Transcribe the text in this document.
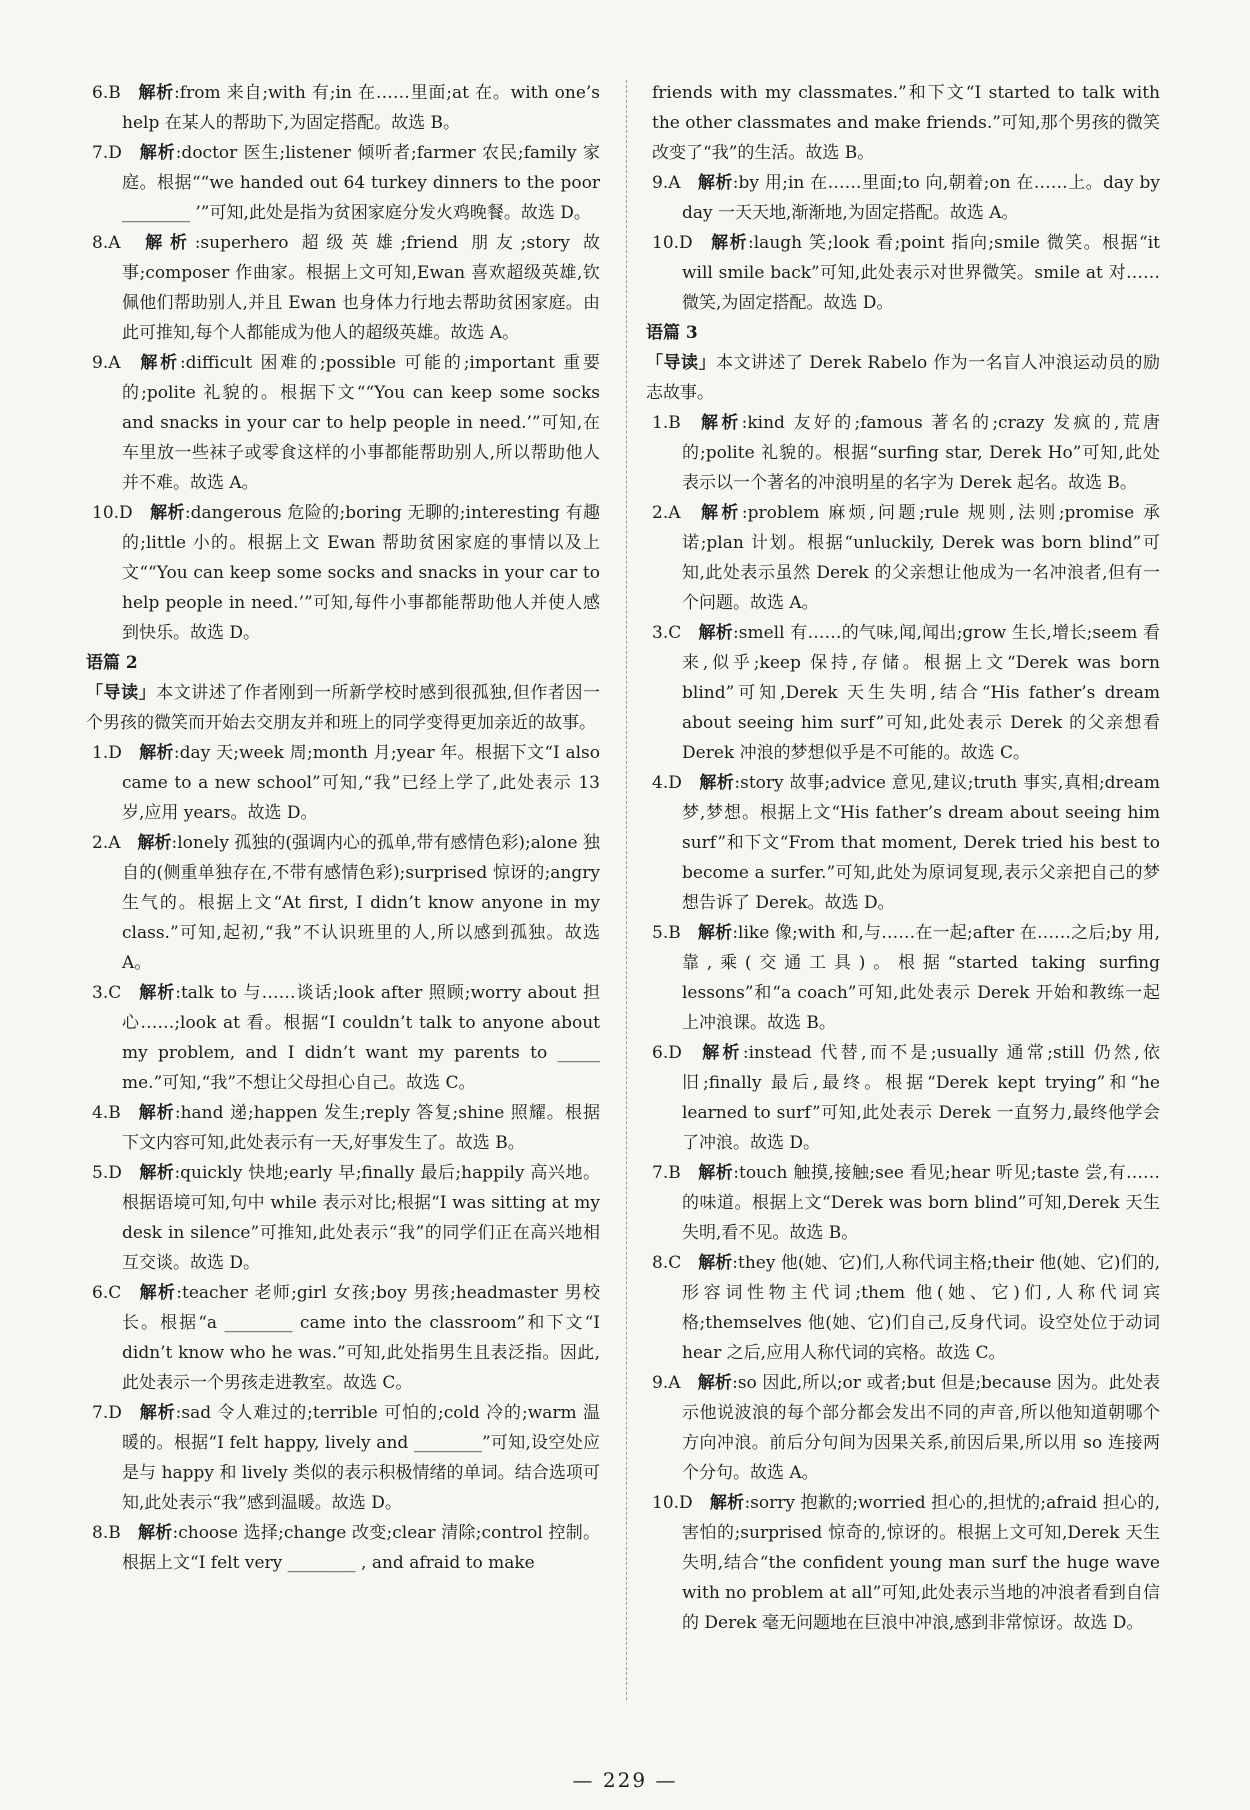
6.B  解析:from 来自;with 有;in 在……里面;at 在。with one’s help 在某人的帮助下,为固定搭配。故选 B。
7.D  解析:doctor 医生;listener 倾听者;farmer 农民;family 家庭。根据““we handed out 64 turkey dinners to the poor ________ ’”可知,此处是指为贫困家庭分发火鸡晚餐。故选 D。
8.A  解析:superhero 超级英雄;friend 朋友;story 故事;composer 作曲家。根据上文可知,Ewan 喜欢超级英雄,钦佩他们帮助别人,并且 Ewan 也身体力行地去帮助贫困家庭。由此可推知,每个人都能成为他人的超级英雄。故选 A。
9.A  解析:difficult 困难的;possible 可能的;important 重要的;polite 礼貌的。根据下文““You can keep some socks and snacks in your car to help people in need.’”可知,在车里放一些袜子或零食这样的小事都能帮助别人,所以帮助他人并不难。故选 A。
10.D  解析:dangerous 危险的;boring 无聊的;interesting 有趣的;little 小的。根据上文 Ewan 帮助贫困家庭的事情以及上文““You can keep some socks and snacks in your car to help people in need.’”可知,每件小事都能帮助他人并使人感到快乐。故选 D。
语篇 2
「导读」本文讲述了作者刚到一所新学校时感到很孤独,但作者因一个男孩的微笑而开始去交朋友并和班上的同学变得更加亲近的故事。
1.D  解析:day 天;week 周;month 月;year 年。根据下文“I also came to a new school”可知,“我”已经上学了,此处表示 13 岁,应用 years。故选 D。
2.A  解析:lonely 孤独的(强调内心的孤单,带有感情色彩);alone 独自的(侧重单独存在,不带有感情色彩);surprised 惊讶的;angry 生气的。根据上文“At first, I didn’t know anyone in my class.”可知,起初,“我”不认识班里的人,所以感到孤独。故选 A。
3.C  解析:talk to 与……谈话;look after 照顾;worry about 担心……;look at 看。根据“I couldn’t talk to anyone about my problem, and I didn’t want my parents to _____ me.”可知,“我”不想让父母担心自己。故选 C。
4.B  解析:hand 递;happen 发生;reply 答复;shine 照耀。根据下文内容可知,此处表示有一天,好事发生了。故选 B。
5.D  解析:quickly 快地;early 早;finally 最后;happily 高兴地。根据语境可知,句中 while 表示对比;根据“I was sitting at my desk in silence”可推知,此处表示“我”的同学们正在高兴地相互交谈。故选 D。
6.C  解析:teacher 老师;girl 女孩;boy 男孩;headmaster 男校长。根据“a ________ came into the classroom”和下文“I didn’t know who he was.”可知,此处指男生且表泛指。因此,此处表示一个男孩走进教室。故选 C。
7.D  解析:sad 令人难过的;terrible 可怕的;cold 冷的;warm 温暖的。根据“I felt happy, lively and ________”可知,设空处应是与 happy 和 lively 类似的表示积极情绪的单词。结合选项可知,此处表示“我”感到温暖。故选 D。
8.B  解析:choose 选择;change 改变;clear 清除;control 控制。根据上文“I felt very ________ , and afraid to make
friends with my classmates.”和下文“I started to talk with the other classmates and make friends.”可知,那个男孩的微笑改变了“我”的生活。故选 B。
9.A  解析:by 用;in 在……里面;to 向,朝着;on 在……上。day by day 一天天地,渐渐地,为固定搭配。故选 A。
10.D  解析:laugh 笑;look 看;point 指向;smile 微笑。根据“it will smile back”可知,此处表示对世界微笑。smile at 对……微笑,为固定搭配。故选 D。
语篇 3
「导读」本文讲述了 Derek Rabelo 作为一名盲人冲浪运动员的励志故事。
1.B  解析:kind 友好的;famous 著名的;crazy 发疯的,荒唐的;polite 礼貌的。根据“surfing star, Derek Ho”可知,此处表示以一个著名的冲浪明星的名字为 Derek 起名。故选 B。
2.A  解析:problem 麻烦,问题;rule 规则,法则;promise 承诺;plan 计划。根据“unluckily, Derek was born blind”可知,此处表示虽然 Derek 的父亲想让他成为一名冲浪者,但有一个问题。故选 A。
3.C  解析:smell 有……的气味,闻,闻出;grow 生长,增长;seem 看来,似乎;keep 保持,存储。根据上文“Derek was born blind”可知,Derek 天生失明,结合“His father’s dream about seeing him surf”可知,此处表示 Derek 的父亲想看 Derek 冲浪的梦想似乎是不可能的。故选 C。
4.D  解析:story 故事;advice 意见,建议;truth 事实,真相;dream 梦,梦想。根据上文“His father’s dream about seeing him surf”和下文“From that moment, Derek tried his best to become a surfer.”可知,此处为原词复现,表示父亲把自己的梦想告诉了 Derek。故选 D。
5.B  解析:like 像;with 和,与……在一起;after 在……之后;by 用,靠,乘(交通工具)。根据“started taking surfing lessons”和“a coach”可知,此处表示 Derek 开始和教练一起上冲浪课。故选 B。
6.D  解析:instead 代替,而不是;usually 通常;still 仍然,依旧;finally 最后,最终。根据“Derek kept trying”和“he learned to surf”可知,此处表示 Derek 一直努力,最终他学会了冲浪。故选 D。
7.B  解析:touch 触摸,接触;see 看见;hear 听见;taste 尝,有……的味道。根据上文“Derek was born blind”可知,Derek 天生失明,看不见。故选 B。
8.C  解析:they 他(她、它)们,人称代词主格;their 他(她、它)们的,形容词性物主代词;them 他(她、它)们,人称代词宾格;themselves 他(她、它)们自己,反身代词。设空处位于动词 hear 之后,应用人称代词的宾格。故选 C。
9.A  解析:so 因此,所以;or 或者;but 但是;because 因为。此处表示他说波浪的每个部分都会发出不同的声音,所以他知道朝哪个方向冲浪。前后分句间为因果关系,前因后果,所以用 so 连接两个分句。故选 A。
10.D  解析:sorry 抱歉的;worried 担心的,担忧的;afraid 担心的,害怕的;surprised 惊奇的,惊讶的。根据上文可知,Derek 天生失明,结合“the confident young man surf the huge wave with no problem at all”可知,此处表示当地的冲浪者看到自信的 Derek 毫无问题地在巨浪中冲浪,感到非常惊讶。故选 D。
— 229 —
